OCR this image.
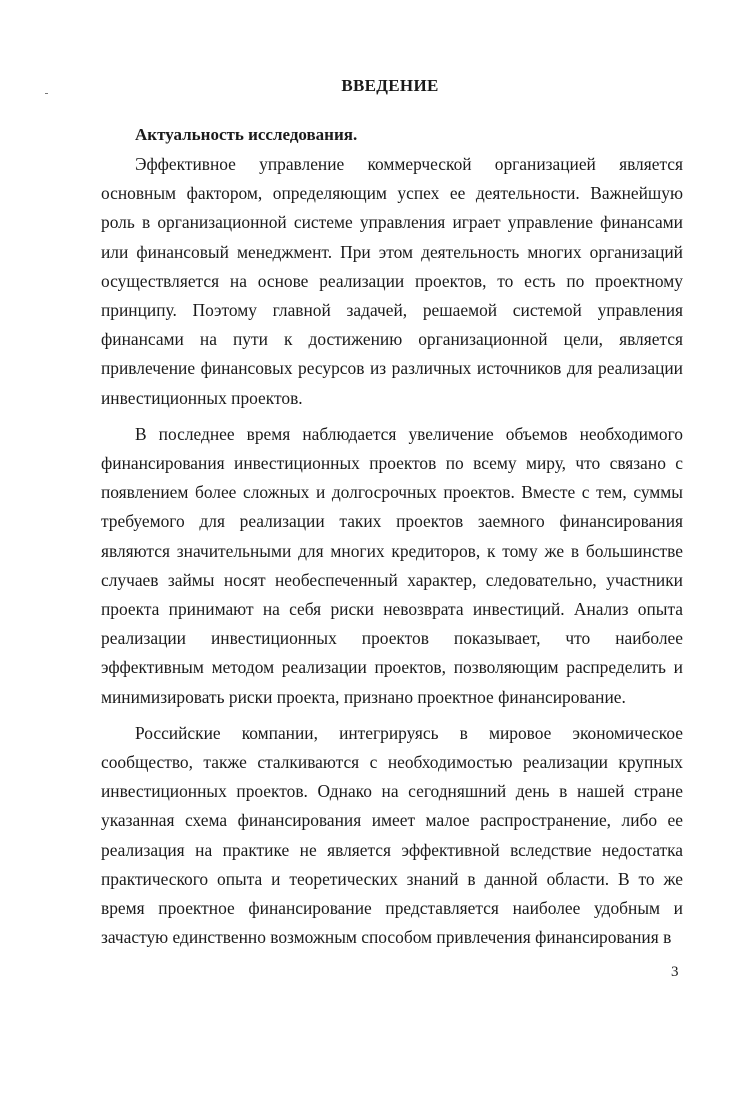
ВВЕДЕНИЕ
Актуальность исследования.

Эффективное управление коммерческой организацией является основным фактором, определяющим успех ее деятельности. Важнейшую роль в организационной системе управления играет управление финансами или финансовый менеджмент. При этом деятельность многих организаций осуществляется на основе реализации проектов, то есть по проектному принципу. Поэтому главной задачей, решаемой системой управления финансами на пути к достижению организационной цели, является привлечение финансовых ресурсов из различных источников для реализации инвестиционных проектов.

В последнее время наблюдается увеличение объемов необходимого финансирования инвестиционных проектов по всему миру, что связано с появлением более сложных и долгосрочных проектов. Вместе с тем, суммы требуемого для реализации таких проектов заемного финансирования являются значительными для многих кредиторов, к тому же в большинстве случаев займы носят необеспеченный характер, следовательно, участники проекта принимают на себя риски невозврата инвестиций. Анализ опыта реализации инвестиционных проектов показывает, что наиболее эффективным методом реализации проектов, позволяющим распределить и минимизировать риски проекта, признано проектное финансирование.

Российские компании, интегрируясь в мировое экономическое сообщество, также сталкиваются с необходимостью реализации крупных инвестиционных проектов. Однако на сегодняшний день в нашей стране указанная схема финансирования имеет малое распространение, либо ее реализация на практике не является эффективной вследствие недостатка практического опыта и теоретических знаний в данной области. В то же время проектное финансирование представляется наиболее удобным и зачастую единственно возможным способом привлечения финансирования в

3
